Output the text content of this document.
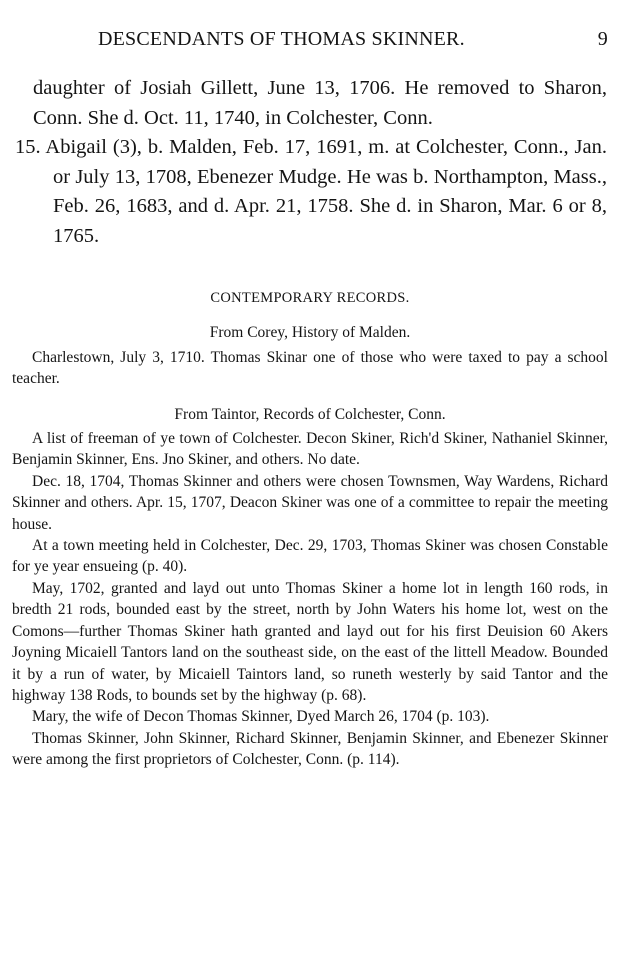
DESCENDANTS OF THOMAS SKINNER.	9

daughter of Josiah Gillett, June 13, 1706. He removed to Sharon, Conn. She d. Oct. 11, 1740, in Colchester, Conn.

15. Abigail (3), b. Malden, Feb. 17, 1691, m. at Colchester, Conn., Jan. or July 13, 1708, Ebenezer Mudge. He was b. Northampton, Mass., Feb. 26, 1683, and d. Apr. 21, 1758. She d. in Sharon, Mar. 6 or 8, 1765.

CONTEMPORARY RECORDS.

From Corey, History of Malden.

Charlestown, July 3, 1710. Thomas Skinar one of those who were taxed to pay a school teacher.

From Taintor, Records of Colchester, Conn.

A list of freeman of ye town of Colchester. Decon Skiner, Rich'd Skiner, Nathaniel Skinner, Benjamin Skinner, Ens. Jno Skiner, and others. No date.

Dec. 18, 1704, Thomas Skinner and others were chosen Townsmen, Way Wardens, Richard Skinner and others. Apr. 15, 1707, Deacon Skiner was one of a committee to repair the meeting house.

At a town meeting held in Colchester, Dec. 29, 1703, Thomas Skiner was chosen Constable for ye year ensueing (p. 40).

May, 1702, granted and layd out unto Thomas Skiner a home lot in length 160 rods, in bredth 21 rods, bounded east by the street, north by John Waters his home lot, west on the Comons—further Thomas Skiner hath granted and layd out for his first Deuision 60 Akers Joyning Micaiell Tantors land on the southeast side, on the east of the littell Meadow. Bounded it by a run of water, by Micaiell Taintors land, so runeth westerly by said Tantor and the highway 138 Rods, to bounds set by the highway (p. 68).

Mary, the wife of Decon Thomas Skinner, Dyed March 26, 1704 (p. 103).

Thomas Skinner, John Skinner, Richard Skinner, Benjamin Skinner, and Ebenezer Skinner were among the first proprietors of Colchester, Conn. (p. 114).
